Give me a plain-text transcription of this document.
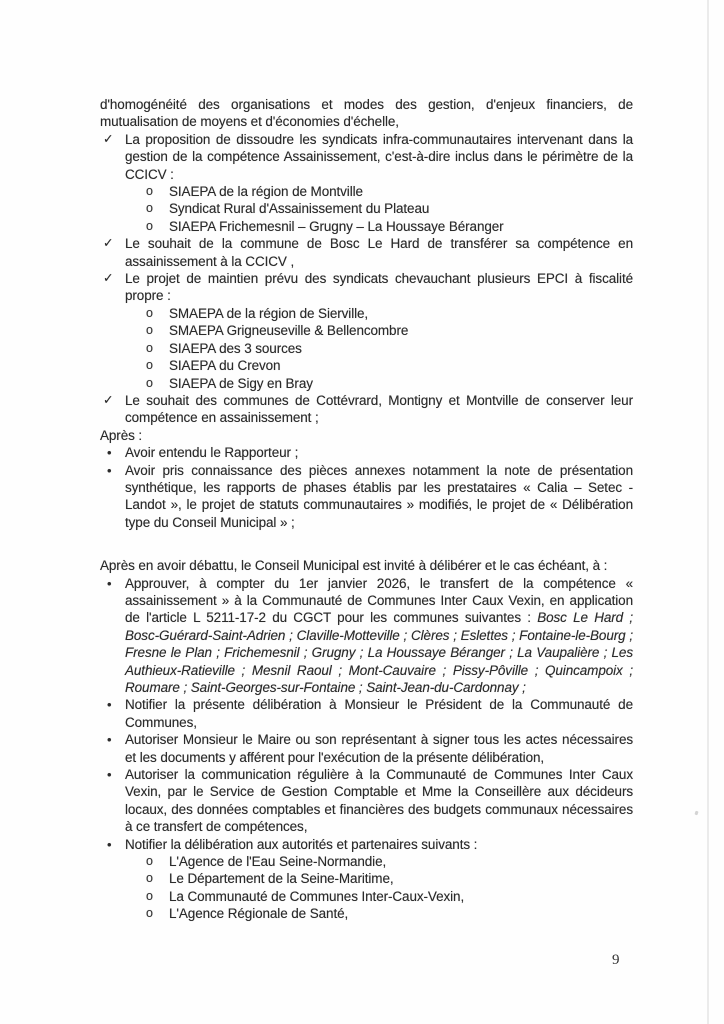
d'homogénéité des organisations et modes des gestion, d'enjeux financiers, de mutualisation de moyens et d'économies d'échelle,

✓ La proposition de dissoudre les syndicats infra-communautaires intervenant dans la gestion de la compétence Assainissement, c'est-à-dire inclus dans le périmètre de la CCICV :
o	SIAEPA de la région de Montville
o	Syndicat Rural d'Assainissement du Plateau
o	SIAEPA Frichemesnil – Grugny – La Houssaye Béranger
✓ Le souhait de la commune de Bosc Le Hard de transférer sa compétence en assainissement à la CCICV ,
✓ Le projet de maintien prévu des syndicats chevauchant plusieurs EPCI à fiscalité propre :
o	SMAEPA de la région de Sierville,
o	SMAEPA Grigneuseville & Bellencombre
o	SIAEPA des 3 sources
o	SIAEPA du Crevon
o	SIAEPA de Sigy en Bray
✓ Le souhait des communes de Cottévrard, Montigny et Montville de conserver leur compétence en assainissement ;

Après :

•	Avoir entendu le Rapporteur ;
•	Avoir pris connaissance des pièces annexes notamment la note de présentation synthétique, les rapports de phases établis par les prestataires « Calia – Setec - Landot », le projet de statuts communautaires » modifiés, le projet de « Délibération type du Conseil Municipal » ;

Après en avoir débattu, le Conseil Municipal est invité à délibérer et le cas échéant, à :

•	Approuver, à compter du 1er janvier 2026, le transfert de la compétence « assainissement » à la Communauté de Communes Inter Caux Vexin, en application de l'article L 5211-17-2 du CGCT pour les communes suivantes : Bosc Le Hard ; Bosc-Guérard-Saint-Adrien ; Claville-Motteville ; Clères ; Eslettes ; Fontaine-le-Bourg ; Fresne le Plan ; Frichemesnil ; Grugny ; La Houssaye Béranger ; La Vaupalière ; Les Authieux-Ratieville ; Mesnil Raoul ; Mont-Cauvaire ; Pissy-Pôville ; Quincampoix ; Roumare ; Saint-Georges-sur-Fontaine ; Saint-Jean-du-Cardonnay ;
•	Notifier la présente délibération à Monsieur le Président de la Communauté de Communes,
•	Autoriser Monsieur le Maire ou son représentant à signer tous les actes nécessaires et les documents y afférent pour l'exécution de la présente délibération,
•	Autoriser la communication régulière à la Communauté de Communes Inter Caux Vexin, par le Service de Gestion Comptable et Mme la Conseillère aux décideurs locaux, des données comptables et financières des budgets communaux nécessaires à ce transfert de compétences,
•	Notifier la délibération aux autorités et partenaires suivants :
o	L'Agence de l'Eau Seine-Normandie,
o	Le Département de la Seine-Maritime,
o	La Communauté de Communes Inter-Caux-Vexin,
o	L'Agence Régionale de Santé,
9
